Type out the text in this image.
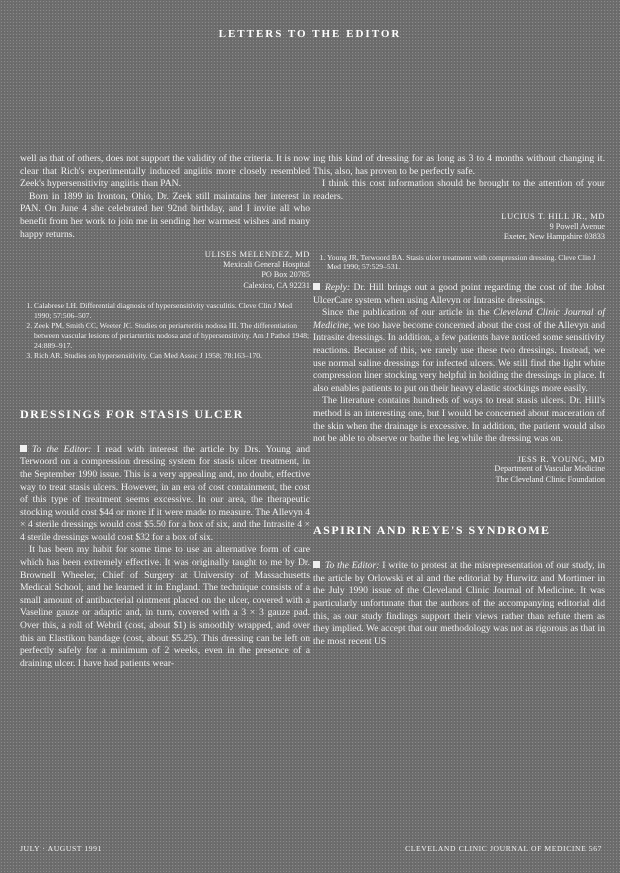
LETTERS TO THE EDITOR

well as that of others, does not support the validity of the criteria. It is now clear that Rich's experimentally induced angiitis more closely resembled Zeek's hypersensitivity angiitis than PAN.

Born in 1899 in Ironton, Ohio, Dr. Zeek still maintains her interest in PAN. On June 4 she celebrated her 92nd birthday, and I invite all who benefit from her work to join me in sending her warmest wishes and many happy returns.

ULISES MELENDEZ, MD
Mexicali General Hospital
PO Box 20785
Calexico, CA 92231
1. Calabrese LH. Differential diagnosis of hypersensitivity vasculitis. Cleve Clin J Med 1990; 57:506–507.
2. Zeek PM, Smith CC, Weeter JC. Studies on periarteritis nodosa III. The differentiation between vascular lesions of periarteritis nodosa and of hypersensitivity. Am J Pathol 1948; 24:889–917.
3. Rich AR. Studies on hypersensitivity. Can Med Assoc J 1958; 78:163–170.
DRESSINGS FOR STASIS ULCER

To the Editor: I read with interest the article by Drs. Young and Terwoord on a compression dressing system for stasis ulcer treatment, in the September 1990 issue. This is a very appealing and, no doubt, effective way to treat stasis ulcers. However, in an era of cost containment, the cost of this type of treatment seems excessive. In our area, the therapeutic stocking would cost $44 or more if it were made to measure. The Allevyn 4 × 4 sterile dressings would cost $5.50 for a box of six, and the Intrasite 4 × 4 sterile dressings would cost $32 for a box of six.

It has been my habit for some time to use an alternative form of care which has been extremely effective. It was originally taught to me by Dr. Brownell Wheeler, Chief of Surgery at University of Massachusetts Medical School, and he learned it in England. The technique consists of a small amount of antibacterial ointment placed on the ulcer, covered with a Vaseline gauze or adaptic and, in turn, covered with a 3 × 3 gauze pad. Over this, a roll of Webril (cost, about $1) is smoothly wrapped, and over this an Elastikon bandage (cost, about $5.25). This dressing can be left on perfectly safely for a minimum of 2 weeks, even in the presence of a draining ulcer. I have had patients wear-

ing this kind of dressing for as long as 3 to 4 months without changing it. This, also, has proven to be perfectly safe.

I think this cost information should be brought to the attention of your readers.

LUCIUS T. HILL JR., MD
9 Powell Avenue
Exeter, New Hampshire 03833
1. Young JR, Terwoord BA. Stasis ulcer treatment with compression dressing. Cleve Clin J Med 1990; 57:529–531.

Reply: Dr. Hill brings out a good point regarding the cost of the Jobst UlcerCare system when using Allevyn or Intrasite dressings.

Since the publication of our article in the Cleveland Clinic Journal of Medicine, we too have become concerned about the cost of the Allevyn and Intrasite dressings. In addition, a few patients have noticed some sensitivity reactions. Because of this, we rarely use these two dressings. Instead, we use normal saline dressings for infected ulcers. We still find the light white compression liner stocking very helpful in holding the dressings in place. It also enables patients to put on their heavy elastic stockings more easily.

The literature contains hundreds of ways to treat stasis ulcers. Dr. Hill's method is an interesting one, but I would be concerned about maceration of the skin when the drainage is excessive. In addition, the patient would also not be able to observe or bathe the leg while the dressing was on.

JESS R. YOUNG, MD
Department of Vascular Medicine
The Cleveland Clinic Foundation
ASPIRIN AND REYE'S SYNDROME

To the Editor: I write to protest at the misrepresentation of our study, in the article by Orlowski et al and the editorial by Hurwitz and Mortimer in the July 1990 issue of the Cleveland Clinic Journal of Medicine. It was particularly unfortunate that the authors of the accompanying editorial did this, as our study findings support their views rather than refute them as they implied. We accept that our methodology was not as rigorous as that in the most recent US

JULY · AUGUST 1991	CLEVELAND CLINIC JOURNAL OF MEDICINE 567
